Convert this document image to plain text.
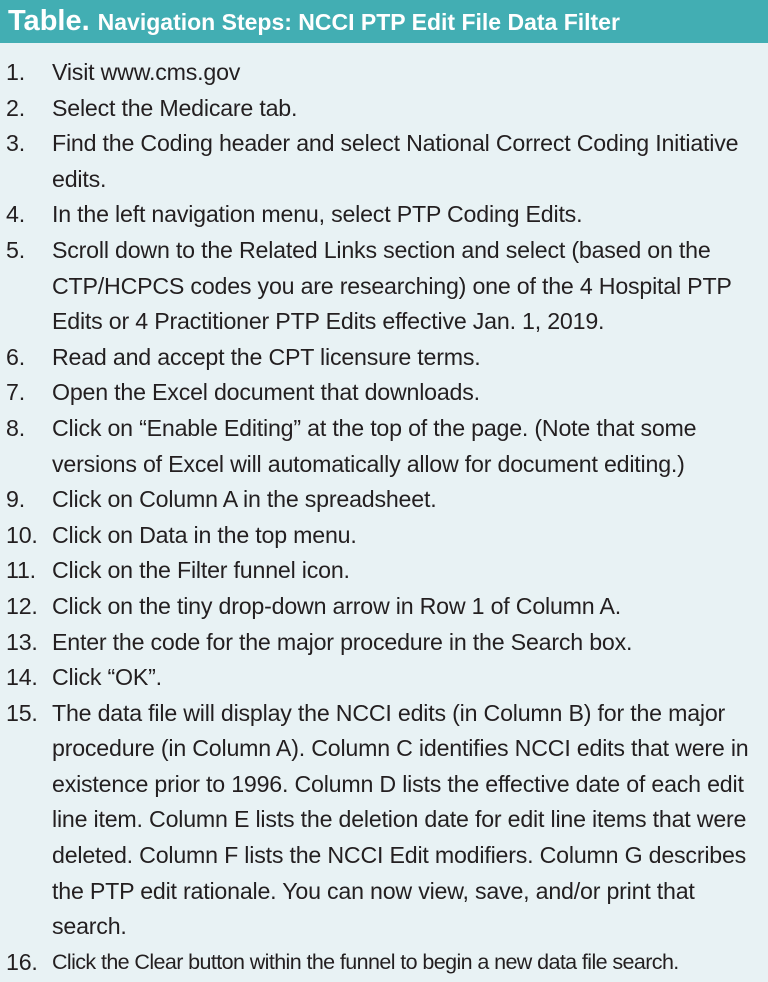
Table. Navigation Steps: NCCI PTP Edit File Data Filter
1.	Visit www.cms.gov
2.	Select the Medicare tab.
3.	Find the Coding header and select National Correct Coding Initiative edits.
4.	In the left navigation menu, select PTP Coding Edits.
5.	Scroll down to the Related Links section and select (based on the CTP/HCPCS codes you are researching) one of the 4 Hospital PTP Edits or 4 Practitioner PTP Edits effective Jan. 1, 2019.
6.	Read and accept the CPT licensure terms.
7.	Open the Excel document that downloads.
8.	Click on “Enable Editing” at the top of the page. (Note that some versions of Excel will automatically allow for document editing.)
9.	Click on Column A in the spreadsheet.
10. Click on Data in the top menu.
11. Click on the Filter funnel icon.
12. Click on the tiny drop-down arrow in Row 1 of Column A.
13. Enter the code for the major procedure in the Search box.
14. Click “OK”.
15. The data file will display the NCCI edits (in Column B) for the major procedure (in Column A). Column C identifies NCCI edits that were in existence prior to 1996. Column D lists the effective date of each edit line item. Column E lists the deletion date for edit line items that were deleted. Column F lists the NCCI Edit modifiers. Column G describes the PTP edit rationale. You can now view, save, and/or print that search.
16. Click the Clear button within the funnel to begin a new data file search.
